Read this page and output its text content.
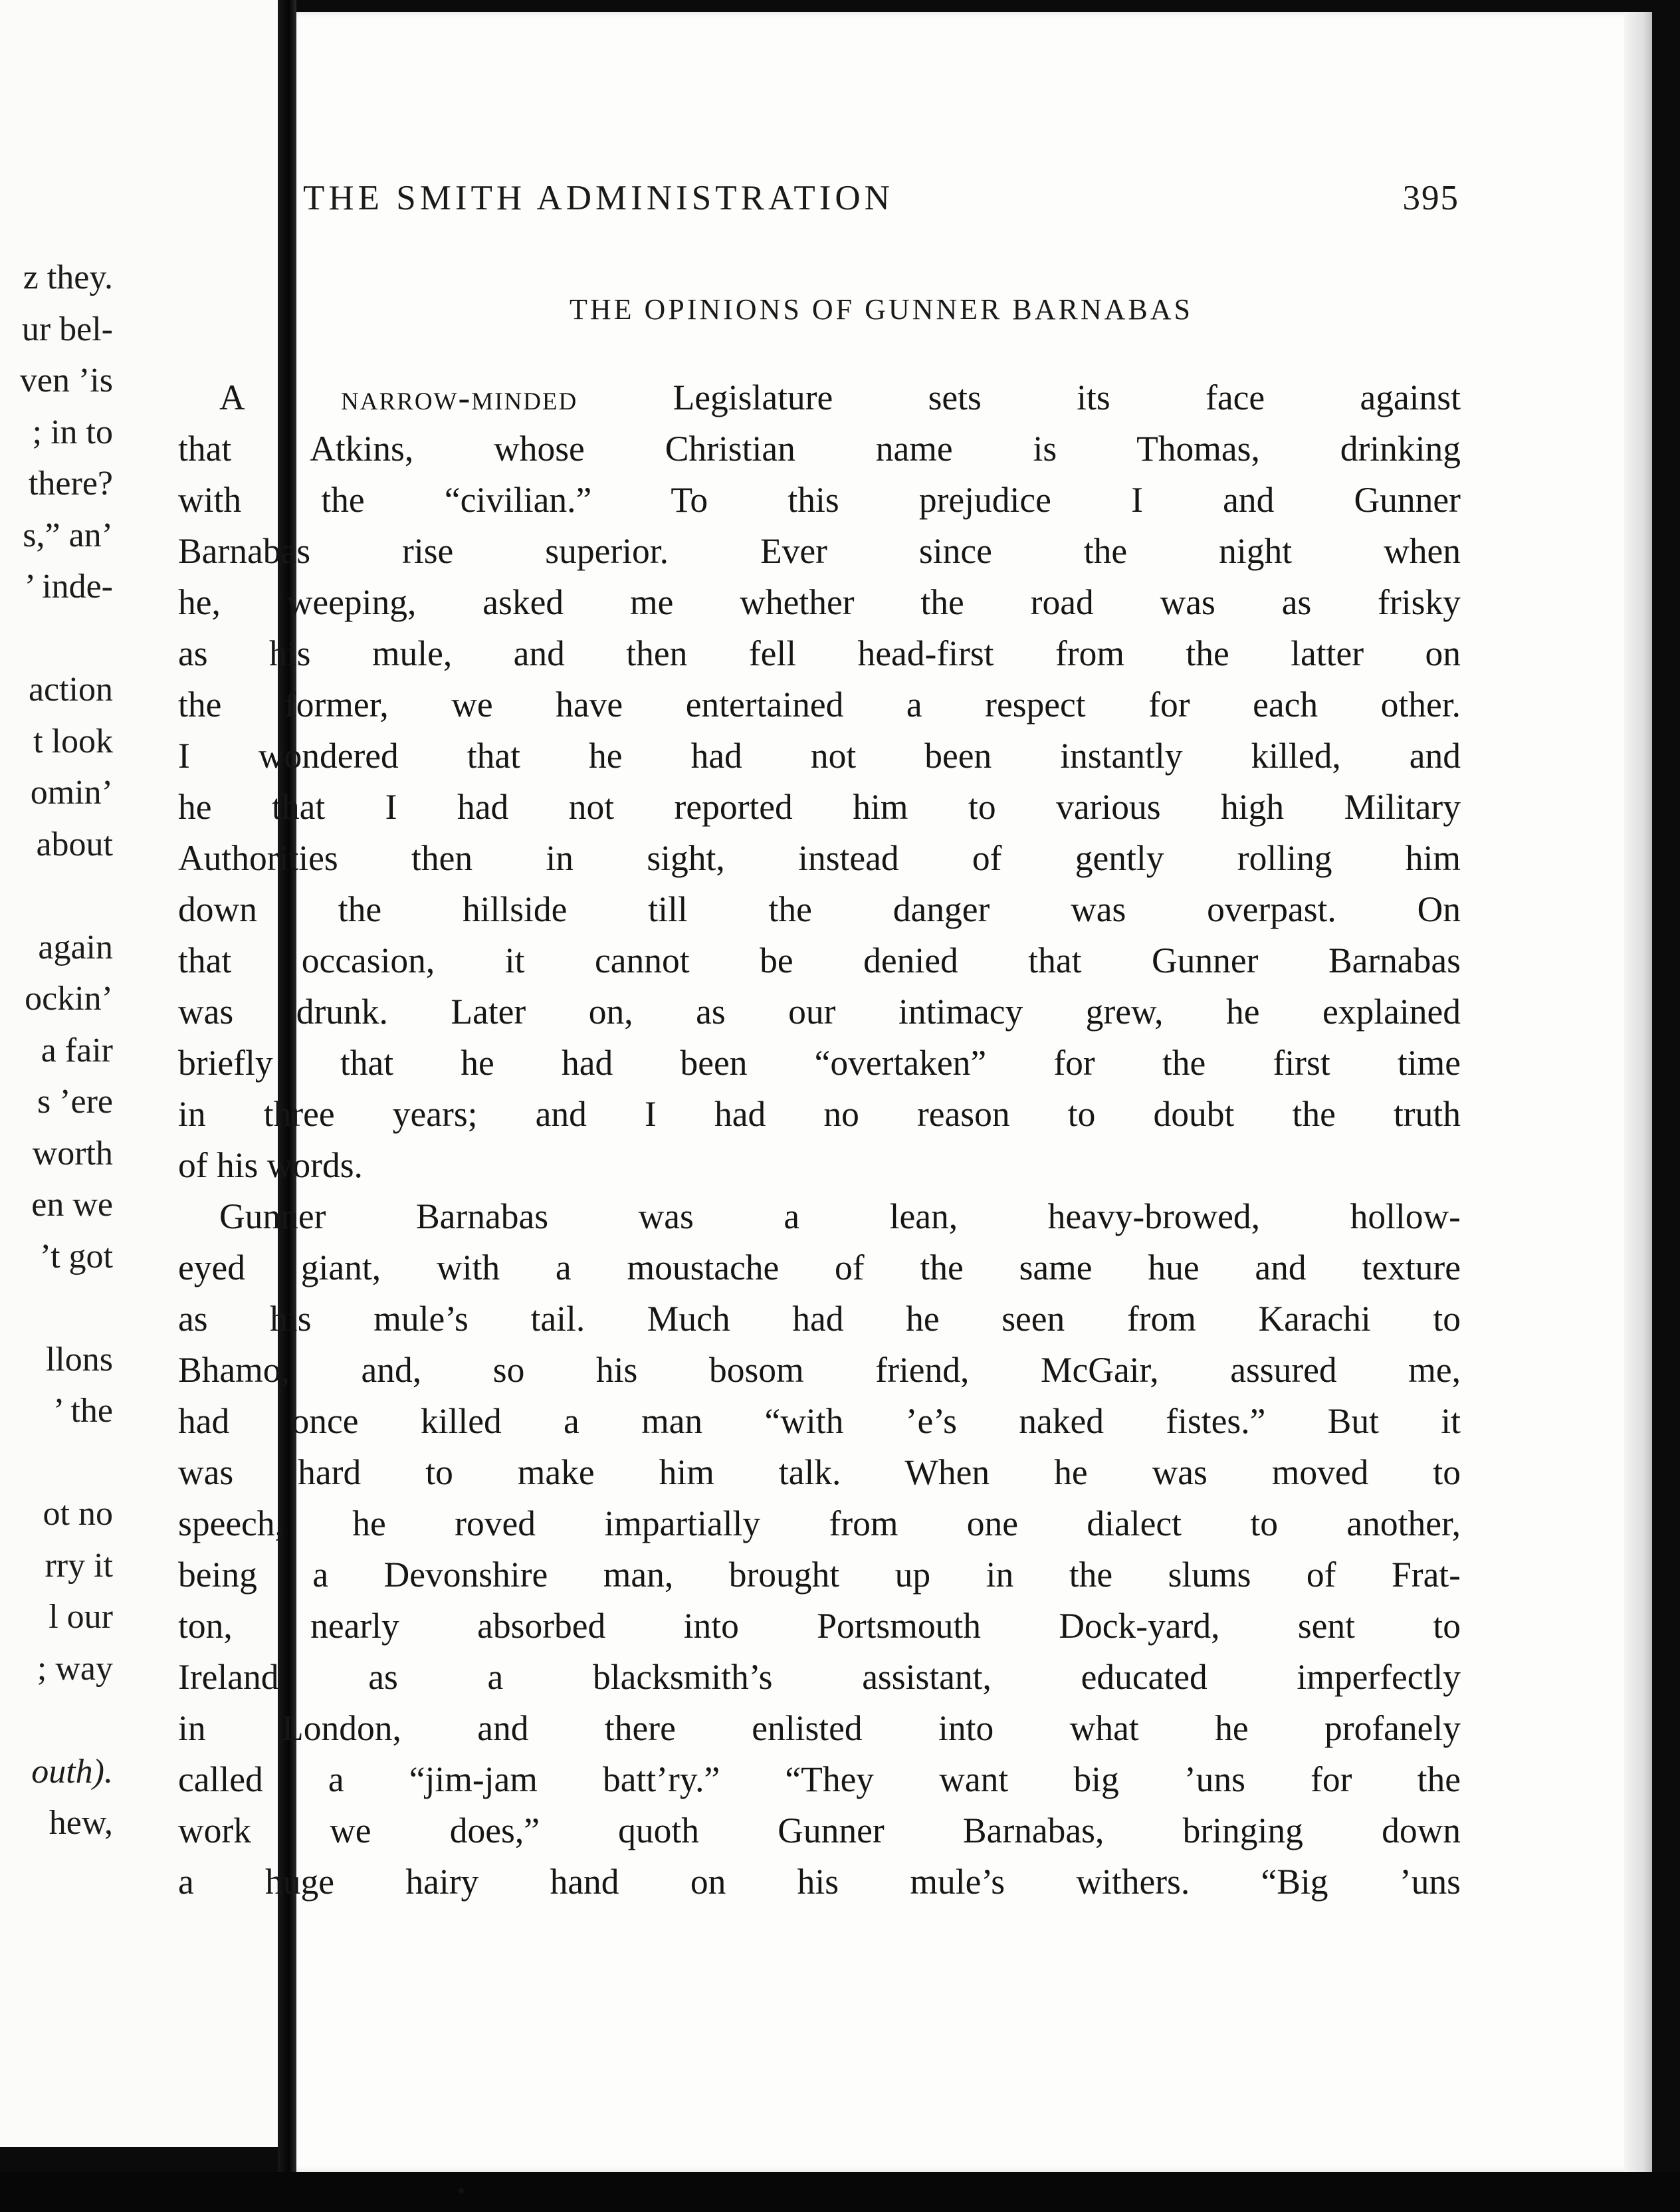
z they.
ur bel-
ven ’is
; in to
there?
s,” an’
’ inde-
action
t look
omin’
about
again
ockin’
a fair
s ’ere
worth
en we
’t got
llons
’ the
ot no
rry it
l our
; way
outh).
hew,
THE SMITH ADMINISTRATION	395
THE OPINIONS OF GUNNER BARNABAS
A narrow-minded Legislature sets its face against
that Atkins, whose Christian name is Thomas, drinking
with the “civilian.” To this prejudice I and Gunner
Barnabas rise superior. Ever since the night when
he, weeping, asked me whether the road was as frisky
as his mule, and then fell head-first from the latter on
the former, we have entertained a respect for each other.
I wondered that he had not been instantly killed, and
he that I had not reported him to various high Military
Authorities then in sight, instead of gently rolling him
down the hillside till the danger was overpast. On
that occasion, it cannot be denied that Gunner Barnabas
was drunk. Later on, as our intimacy grew, he explained
briefly that he had been “overtaken” for the first time
in three years; and I had no reason to doubt the truth
of his words.
Gunner Barnabas was a lean, heavy-browed, hollow-
eyed giant, with a moustache of the same hue and texture
as his mule’s tail. Much had he seen from Karachi to
Bhamo, and, so his bosom friend, McGair, assured me,
had once killed a man “with ’e’s naked fistes.” But it
was hard to make him talk. When he was moved to
speech, he roved impartially from one dialect to another,
being a Devonshire man, brought up in the slums of Frat-
ton, nearly absorbed into Portsmouth Dock-yard, sent to
Ireland as a blacksmith’s assistant, educated imperfectly
in London, and there enlisted into what he profanely
called a “jim-jam batt’ry.” “They want big ’uns for the
work we does,” quoth Gunner Barnabas, bringing down
a huge hairy hand on his mule’s withers. “Big ’uns
